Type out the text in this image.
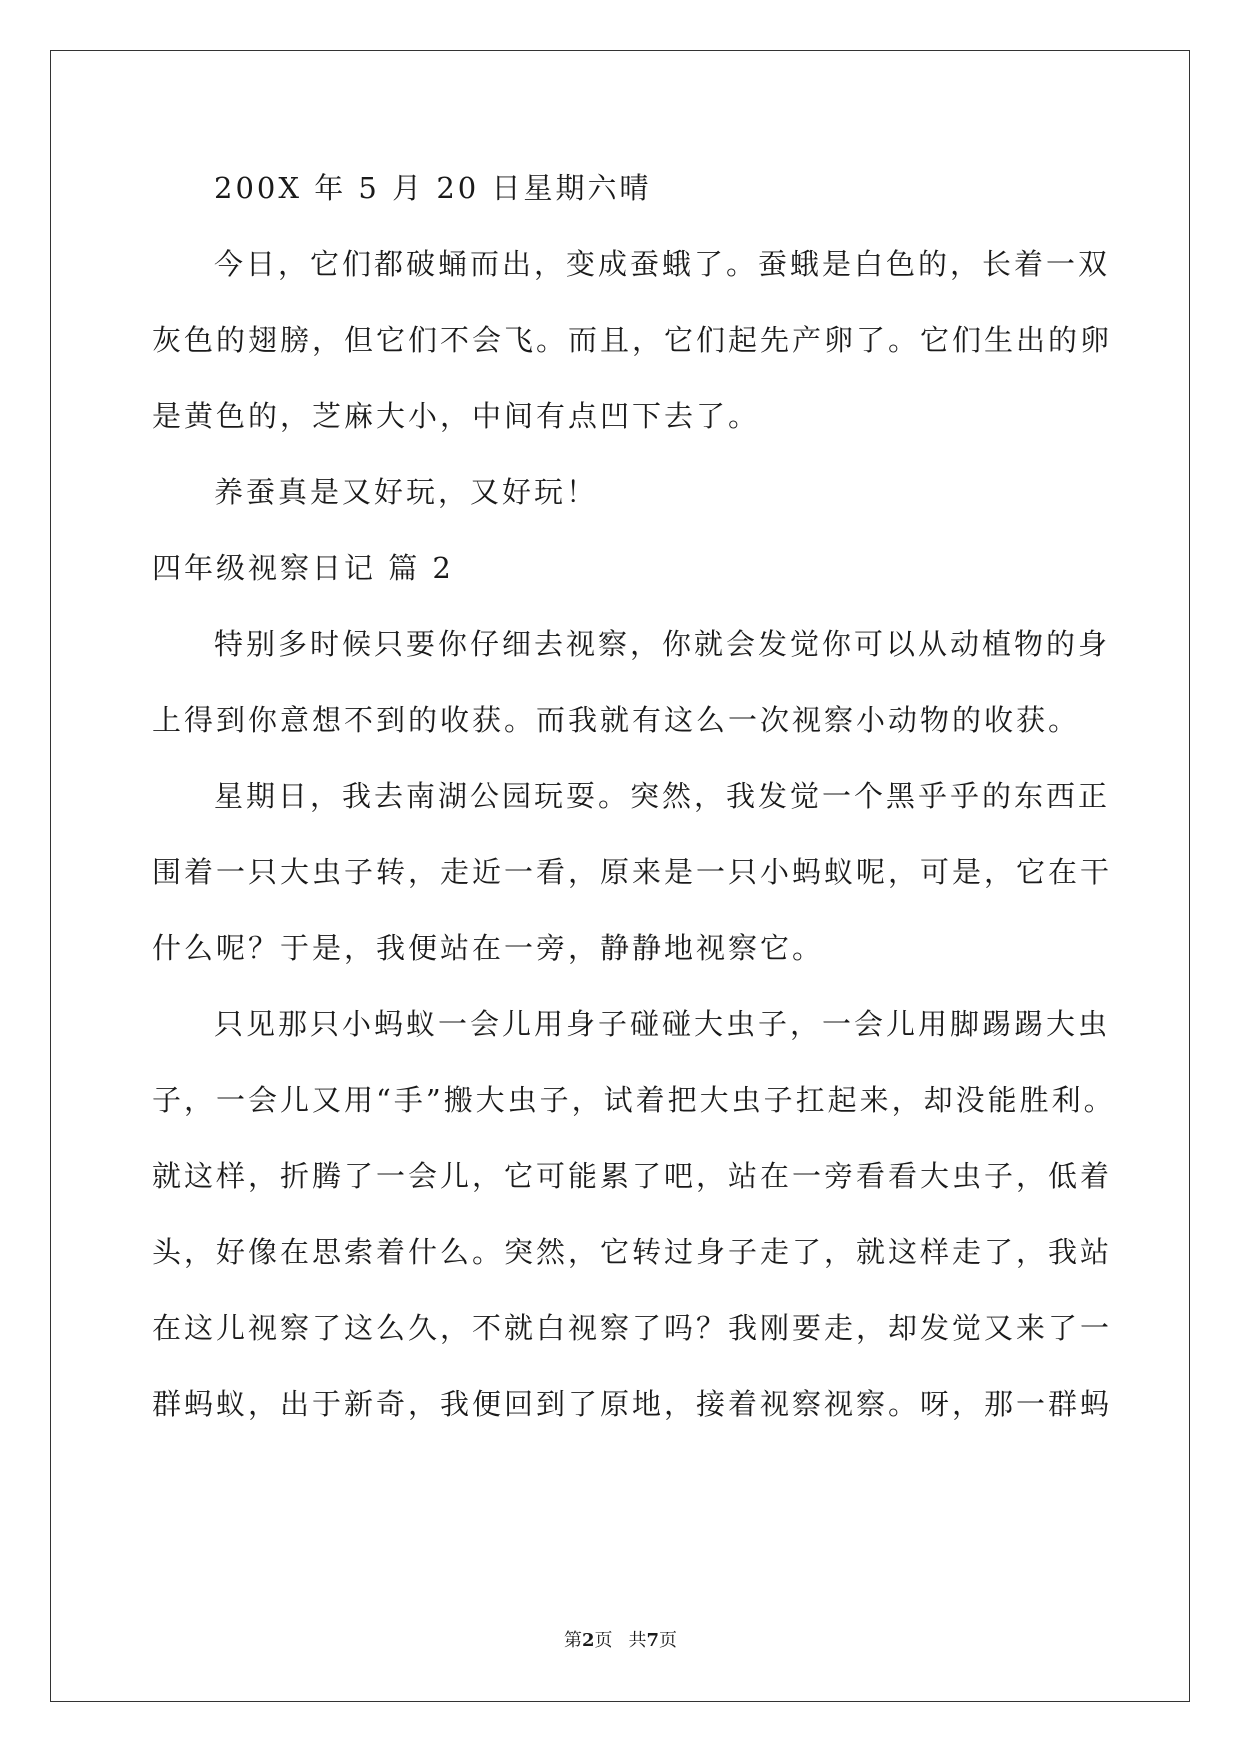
200X 年 5 月 20 日星期六晴
今日，它们都破蛹而出，变成蚕蛾了。蚕蛾是白色的，长着一双
灰色的翅膀，但它们不会飞。而且，它们起先产卵了。它们生出的卵
是黄色的，芝麻大小，中间有点凹下去了。
养蚕真是又好玩，又好玩！
四年级视察日记 篇 2
特别多时候只要你仔细去视察，你就会发觉你可以从动植物的身
上得到你意想不到的收获。而我就有这么一次视察小动物的收获。
星期日，我去南湖公园玩耍。突然，我发觉一个黑乎乎的东西正
围着一只大虫子转，走近一看，原来是一只小蚂蚁呢，可是，它在干
什么呢？于是，我便站在一旁，静静地视察它。
只见那只小蚂蚁一会儿用身子碰碰大虫子，一会儿用脚踢踢大虫
子，一会儿又用“手”搬大虫子，试着把大虫子扛起来，却没能胜利。
就这样，折腾了一会儿，它可能累了吧，站在一旁看看大虫子，低着
头，好像在思索着什么。突然，它转过身子走了，就这样走了，我站
在这儿视察了这么久，不就白视察了吗？我刚要走，却发觉又来了一
群蚂蚁，出于新奇，我便回到了原地，接着视察视察。呀，那一群蚂
第2页 共7页
